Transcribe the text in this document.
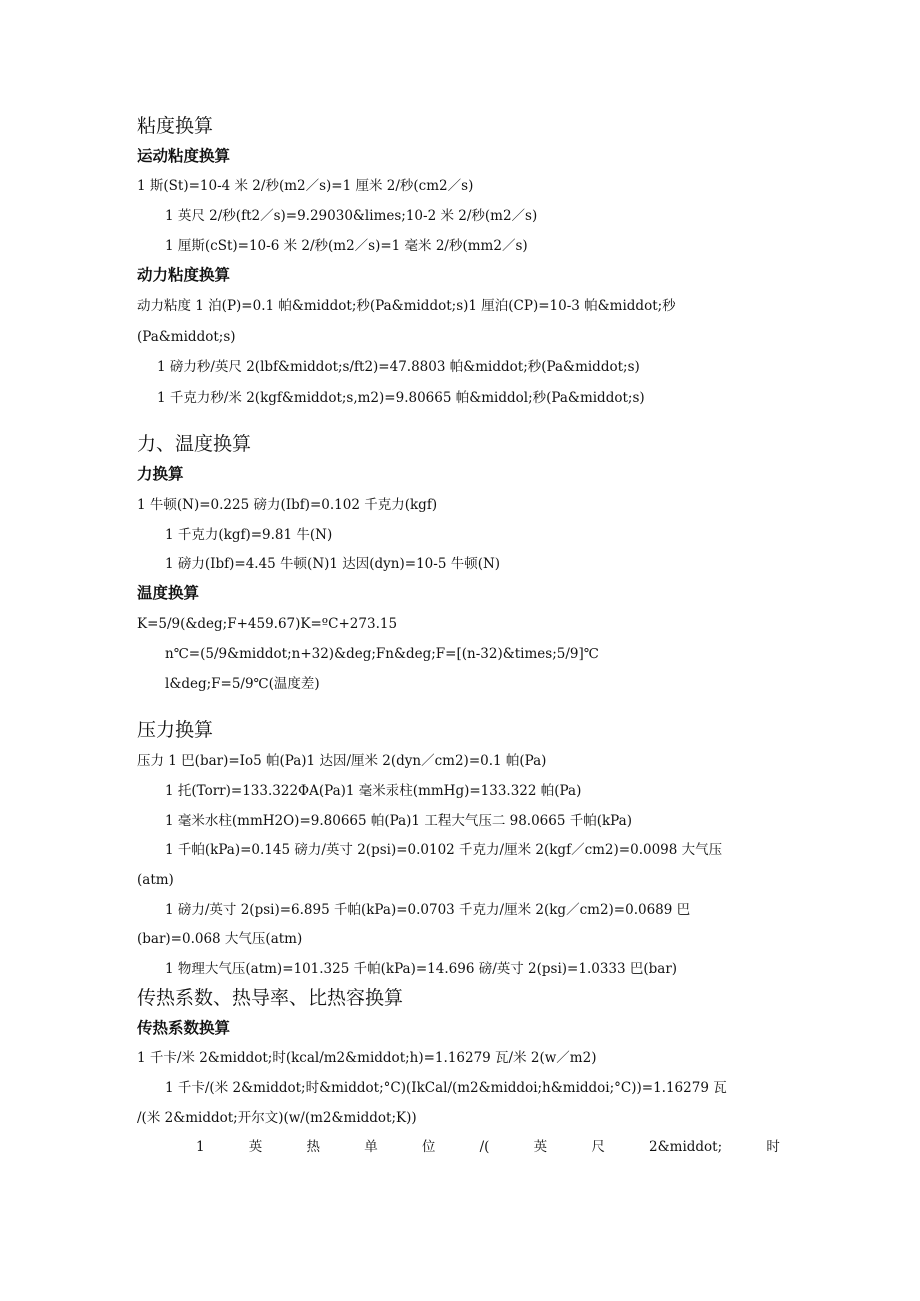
粘度换算
运动粘度换算
1 斯(St)=10-4 米 2/秒(m2／s)=1 厘米 2/秒(cm2／s)
1 英尺 2/秒(ft2／s)=9.29030&limes;10-2 米 2/秒(m2／s)
1 厘斯(cSt)=10-6 米 2/秒(m2／s)=1 毫米 2/秒(mm2／s)
动力粘度换算
动力粘度 1 泊(P)=0.1 帕&middot;秒(Pa&middot;s)1 厘泊(CP)=10-3 帕&middot;秒
(Pa&middot;s)
1 磅力秒/英尺 2(lbf&middot;s/ft2)=47.8803 帕&middot;秒(Pa&middot;s)
1 千克力秒/米 2(kgf&middot;s,m2)=9.80665 帕&middol;秒(Pa&middot;s)
力、温度换算
力换算
1 牛顿(N)=0.225 磅力(Ibf)=0.102 千克力(kgf)
1 千克力(kgf)=9.81 牛(N)
1 磅力(Ibf)=4.45 牛顿(N)1 达因(dyn)=10-5 牛顿(N)
温度换算
K=5/9(&deg;F+459.67)K=ºC+273.15
n℃=(5/9&middot;n+32)&deg;Fn&deg;F=[(n-32)&times;5/9]℃
l&deg;F=5/9℃(温度差)
压力换算
压力 1 巴(bar)=Io5 帕(Pa)1 达因/厘米 2(dyn／cm2)=0.1 帕(Pa)
1 托(Torr)=133.322ΦA(Pa)1 毫米汞柱(mmHg)=133.322 帕(Pa)
1 毫米水柱(mmH2O)=9.80665 帕(Pa)1 工程大气压二 98.0665 千帕(kPa)
1 千帕(kPa)=0.145 磅力/英寸 2(psi)=0.0102 千克力/厘米 2(kgf／cm2)=0.0098 大气压
(atm)
1 磅力/英寸 2(psi)=6.895 千帕(kPa)=0.0703 千克力/厘米 2(kg／cm2)=0.0689 巴
(bar)=0.068 大气压(atm)
1 物理大气压(atm)=101.325 千帕(kPa)=14.696 磅/英寸 2(psi)=1.0333 巴(bar)
传热系数、热导率、比热容换算
传热系数换算
1 千卡/米 2&middot;时(kcal/m2&middot;h)=1.16279 瓦/米 2(w／m2)
1 千卡/(米 2&middot;时&middot;°C)(IkCal/(m2&middoi;h&middoi;°C))=1.16279 瓦
/(米 2&middot;开尔文)(w/(m2&middot;K))
1	英	热	单	位	/(	英	尺	2&middot;	时
